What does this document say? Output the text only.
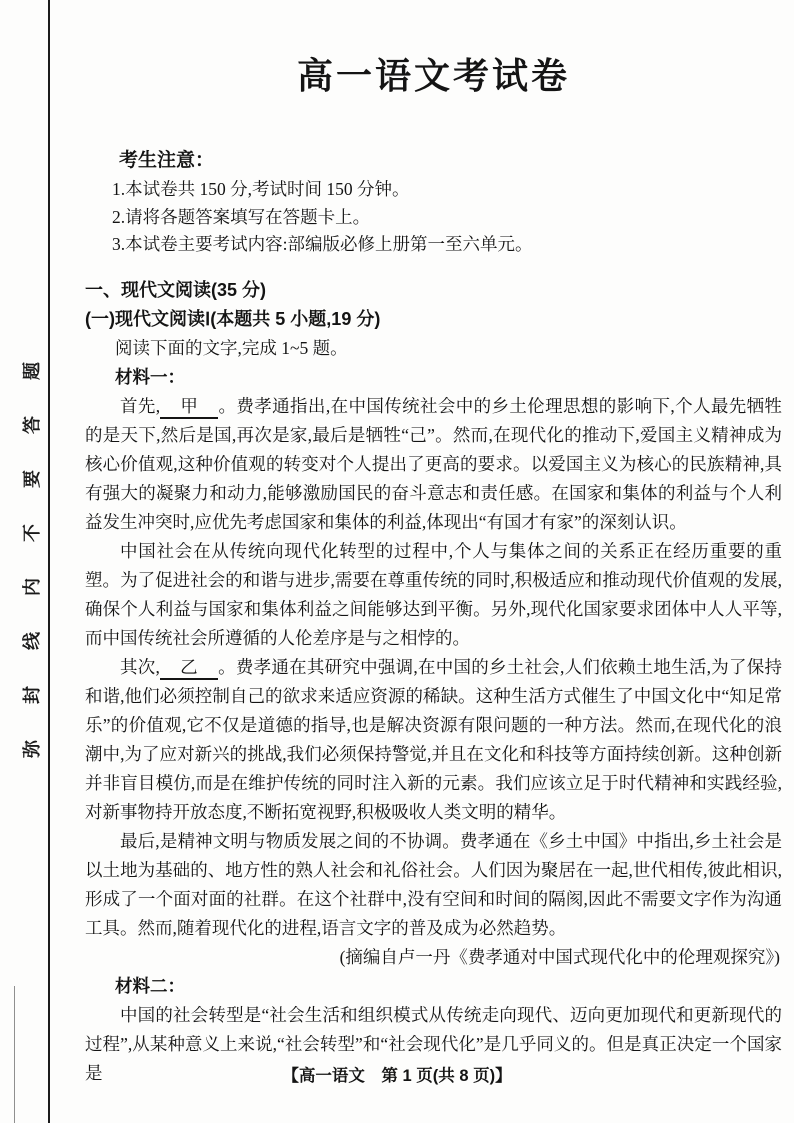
弥封线内不要答题
高一语文考试卷
考生注意：
1.本试卷共 150 分,考试时间 150 分钟。
2.请将各题答案填写在答题卡上。
3.本试卷主要考试内容:部编版必修上册第一至六单元。
一、现代文阅读(35 分)
(一)现代文阅读Ⅰ(本题共 5 小题,19 分)
阅读下面的文字,完成 1~5 题。
材料一：

首先, 甲 。费孝通指出,在中国传统社会中的乡土伦理思想的影响下,个人最先牺牲的是天下,然后是国,再次是家,最后是牺牲“己”。然而,在现代化的推动下,爱国主义精神成为核心价值观,这种价值观的转变对个人提出了更高的要求。以爱国主义为核心的民族精神,具有强大的凝聚力和动力,能够激励国民的奋斗意志和责任感。在国家和集体的利益与个人利益发生冲突时,应优先考虑国家和集体的利益,体现出“有国才有家”的深刻认识。

中国社会在从传统向现代化转型的过程中,个人与集体之间的关系正在经历重要的重塑。为了促进社会的和谐与进步,需要在尊重传统的同时,积极适应和推动现代价值观的发展,确保个人利益与国家和集体利益之间能够达到平衡。另外,现代化国家要求团体中人人平等,而中国传统社会所遵循的人伦差序是与之相悖的。

其次, 乙 。费孝通在其研究中强调,在中国的乡土社会,人们依赖土地生活,为了保持和谐,他们必须控制自己的欲求来适应资源的稀缺。这种生活方式催生了中国文化中“知足常乐”的价值观,它不仅是道德的指导,也是解决资源有限问题的一种方法。然而,在现代化的浪潮中,为了应对新兴的挑战,我们必须保持警觉,并且在文化和科技等方面持续创新。这种创新并非盲目模仿,而是在维护传统的同时注入新的元素。我们应该立足于时代精神和实践经验,对新事物持开放态度,不断拓宽视野,积极吸收人类文明的精华。

最后,是精神文明与物质发展之间的不协调。费孝通在《乡土中国》中指出,乡土社会是以土地为基础的、地方性的熟人社会和礼俗社会。人们因为聚居在一起,世代相传,彼此相识,形成了一个面对面的社群。在这个社群中,没有空间和时间的隔阂,因此不需要文字作为沟通工具。然而,随着现代化的进程,语言文字的普及成为必然趋势。

(摘编自卢一丹《费孝通对中国式现代化中的伦理观探究》)
材料二：

中国的社会转型是“社会生活和组织模式从传统走向现代、迈向更加现代和更新现代的过程”,从某种意义上来说,“社会转型”和“社会现代化”是几乎同义的。但是真正决定一个国家是	【高一语文　第 1 页(共 8 页)】
